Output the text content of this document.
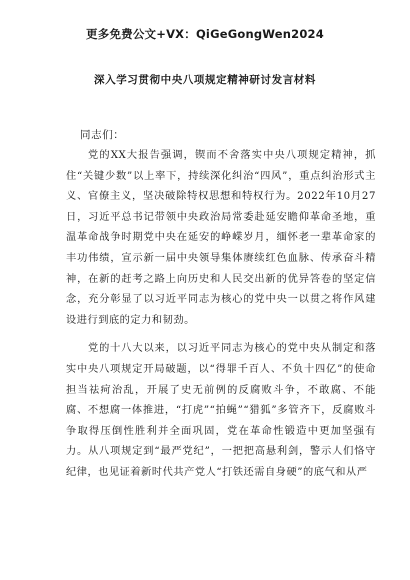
更多免费公文+VX：QiGeGongWen2024
深入学习贯彻中央八项规定精神研讨发言材料
同志们：

党的XX大报告强调，锲而不舍落实中央八项规定精神，抓住“关键少数”以上率下，持续深化纠治“四风”，重点纠治形式主义、官僚主义，坚决破除特权思想和特权行为。2022年10月27日，习近平总书记带领中央政治局常委赴延安瞻仰革命圣地，重温革命战争时期党中央在延安的峥嵘岁月，缅怀老一辈革命家的丰功伟绩，宣示新一届中央领导集体赓续红色血脉、传承奋斗精神，在新的赶考之路上向历史和人民交出新的优异答卷的坚定信念，充分彰显了以习近平同志为核心的党中央一以贯之将作风建设进行到底的定力和韧劲。

党的十八大以来，以习近平同志为核心的党中央从制定和落实中央八项规定开局破题，以“得罪千百人、不负十四亿”的使命担当祛疴治乱，开展了史无前例的反腐败斗争，不敢腐、不能腐、不想腐一体推进，“打虎”“拍蝇”“猎狐”多管齐下，反腐败斗争取得压倒性胜利并全面巩固，党在革命性锻造中更加坚强有力。从八项规定到“最严党纪”，一把把高悬利剑，警示人们恪守纪律，也见证着新时代共产党人“打铁还需自身硬”的底气和从严
